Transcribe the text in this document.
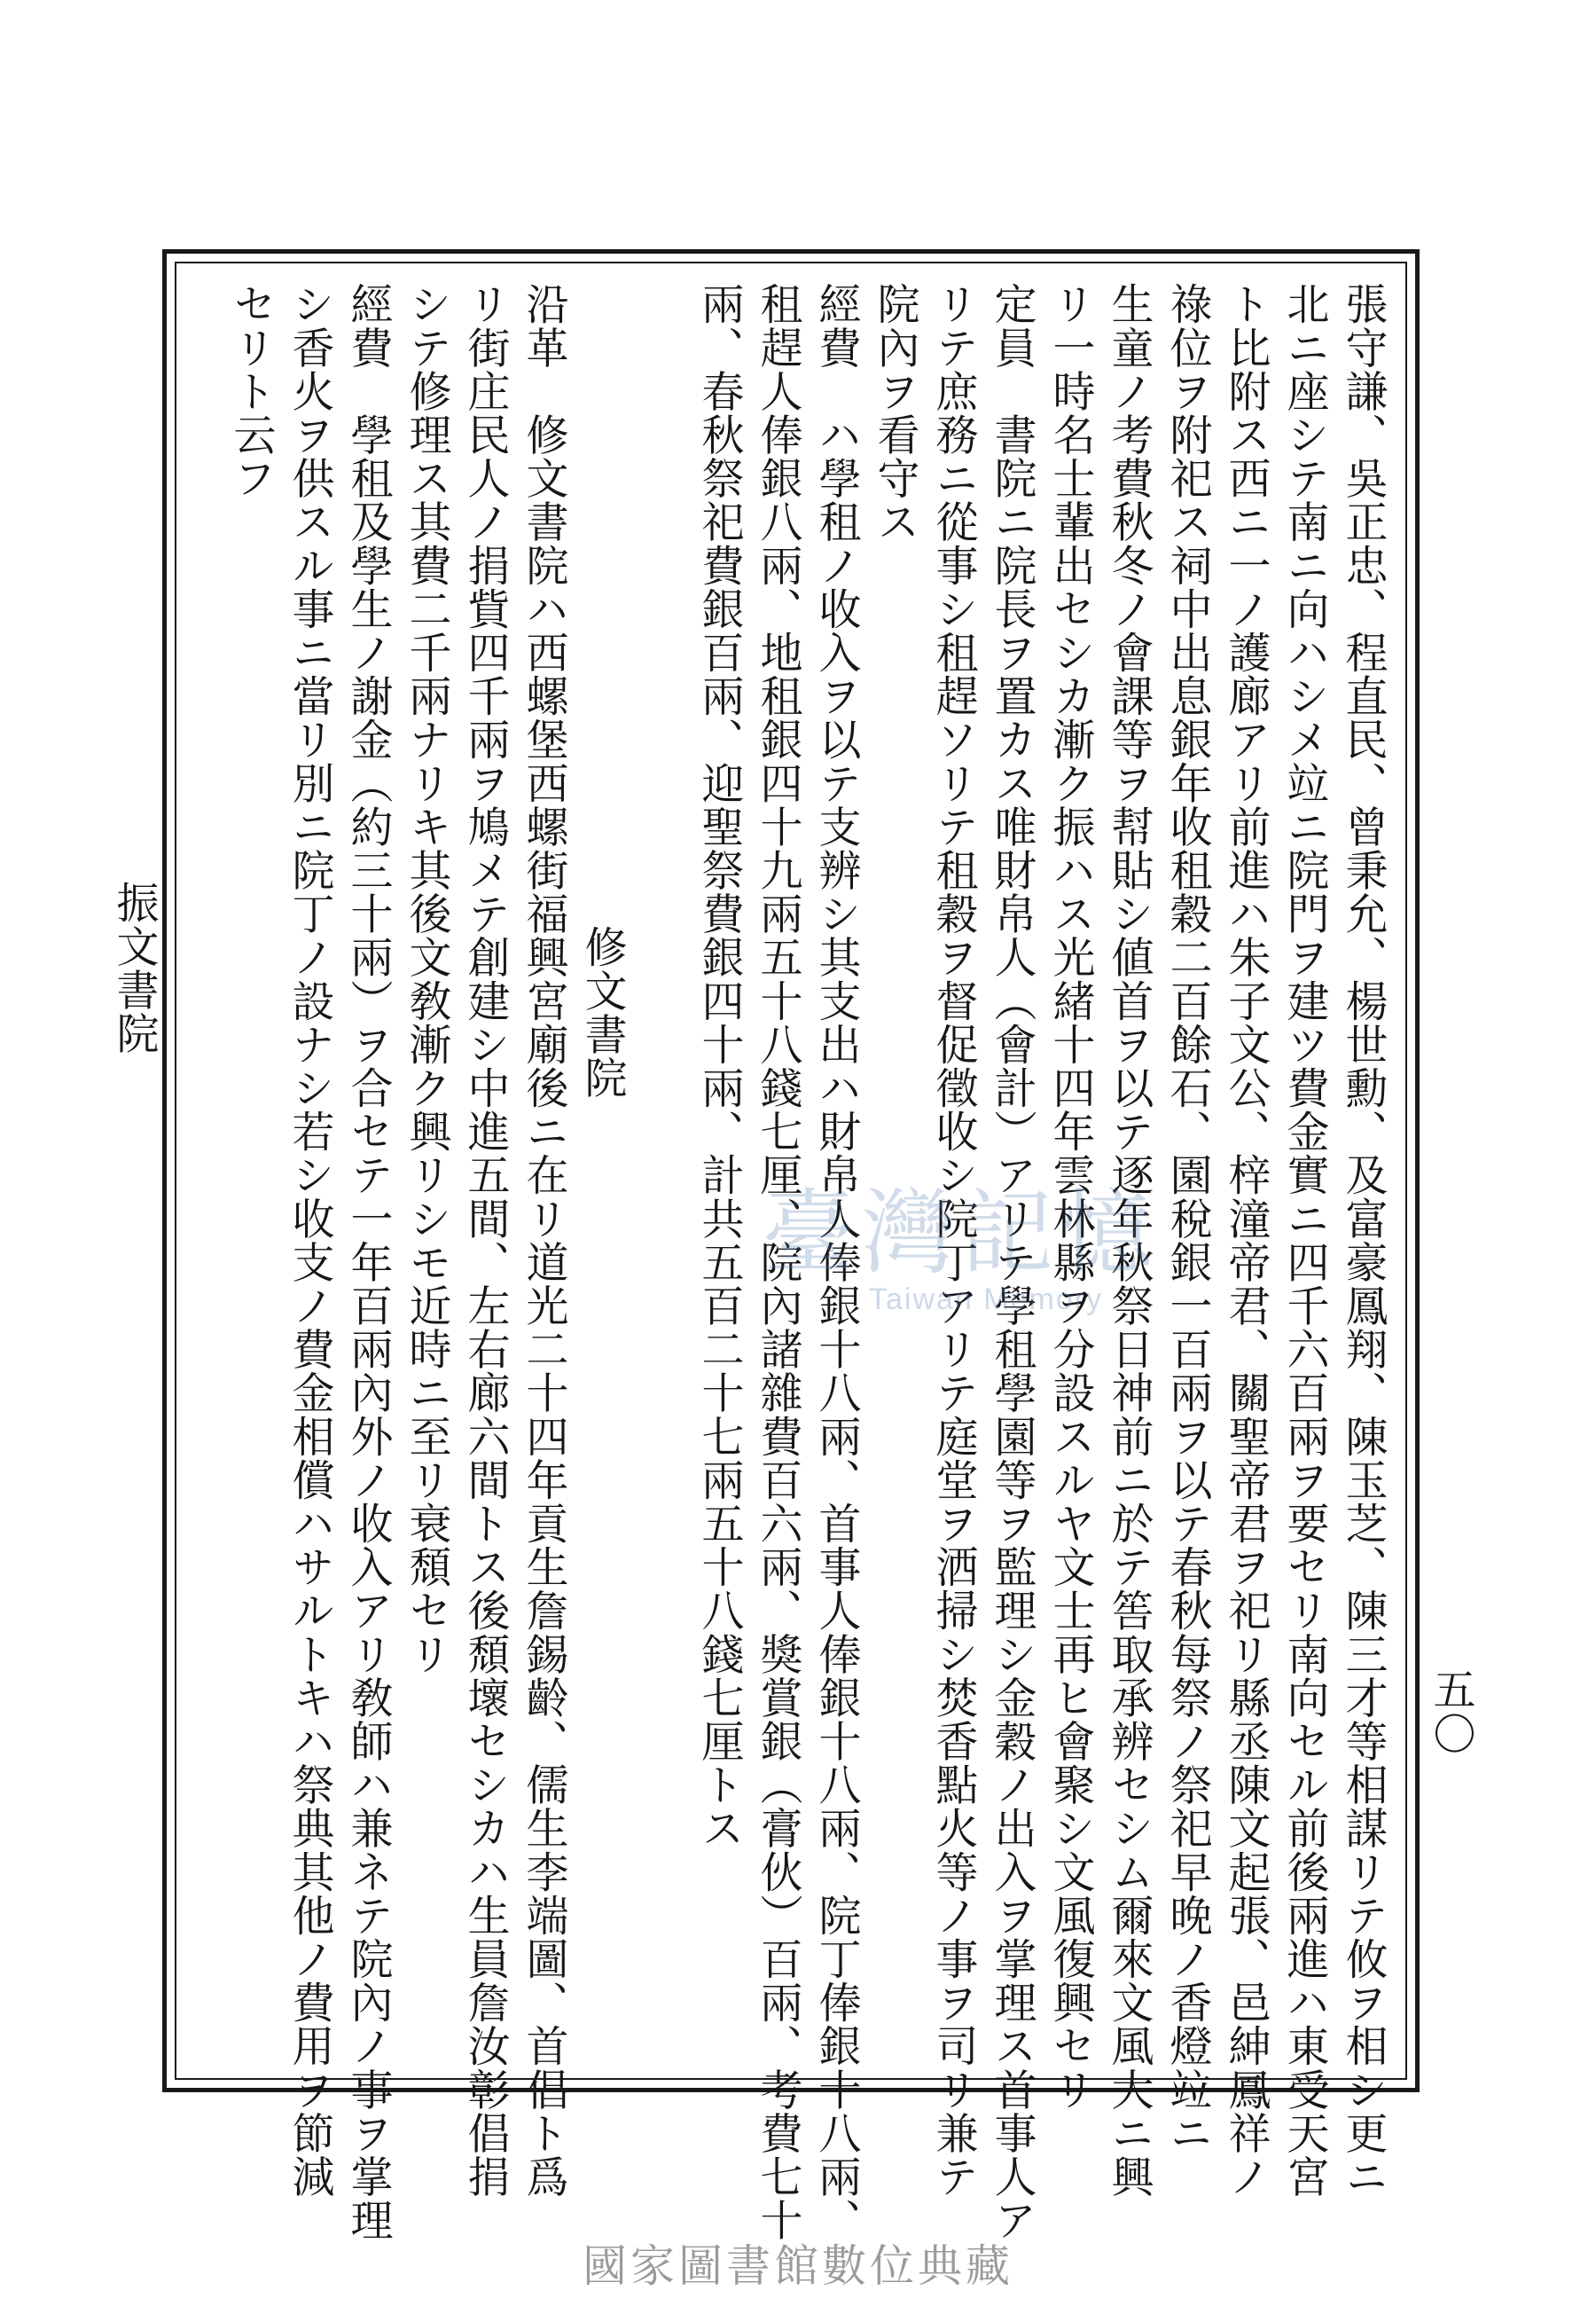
五〇
張守謙、吳正忠、程直民、曾秉允、楊世勳、及富豪鳳翔、陳玉芝、陳三才等相謀リテ攸ヲ相シ更ニ
北ニ座シテ南ニ向ハシメ竝ニ院門ヲ建ツ費金實ニ四千六百兩ヲ要セリ南向セル前後兩進ハ東受天宮
ト比附ス西ニ一ノ護廊アリ前進ハ朱子文公、梓潼帝君、關聖帝君ヲ祀リ縣丞陳文起張、邑紳鳳祥ノ
祿位ヲ附祀ス祠中出息銀年收租穀二百餘石、園稅銀一百兩ヲ以テ春秋每祭ノ祭祀早晚ノ香燈竝ニ
生童ノ考費秋冬ノ會課等ヲ幇貼シ値首ヲ以テ逐年秋祭日神前ニ於テ筶取承辨セシム爾來文風大ニ興
リ一時名士輩出セシカ漸ク振ハス光緒十四年雲林縣ヲ分設スルヤ文士再ヒ會聚シ文風復興セリ
定員　書院ニ院長ヲ置カス唯財帛人（會計）アリテ學租學園等ヲ監理シ金穀ノ出入ヲ掌理ス首事人ア
リテ庶務ニ從事シ租趕ソリテ租穀ヲ督促徵收シ院丁アリテ庭堂ヲ洒掃シ焚香點火等ノ事ヲ司リ兼テ
院內ヲ看守ス
經費　ハ學租ノ收入ヲ以テ支辨シ其支出ハ財帛人俸銀十八兩、首事人俸銀十八兩、院丁俸銀十八兩、
租趕人俸銀八兩、地租銀四十九兩五十八錢七厘、院內諸雜費百六兩、獎賞銀（膏伙）百兩、考費七十
兩、春秋祭祀費銀百兩、迎聖祭費銀四十兩、計共五百二十七兩五十八錢七厘トス
修文書院
沿革　修文書院ハ西螺堡西螺街福興宮廟後ニ在リ道光二十四年貢生詹錫齡、儒生李端圖、首倡ト爲
リ街庄民人ノ捐貲四千兩ヲ鳩メテ創建シ中進五間、左右廊六間トス後頹壞セシカハ生員詹汝彰倡捐
シテ修理ス其費二千兩ナリキ其後文敎漸ク興リシモ近時ニ至リ衰頹セリ
經費　學租及學生ノ謝金（約三十兩）ヲ合セテ一年百兩內外ノ收入アリ敎師ハ兼ネテ院內ノ事ヲ掌理
シ香火ヲ供スル事ニ當リ別ニ院丁ノ設ナシ若シ收支ノ費金相償ハサルトキハ祭典其他ノ費用ヲ節減
セリト云フ
振文書院
臺灣記憶
Taiwan Memory
國家圖書館數位典藏
